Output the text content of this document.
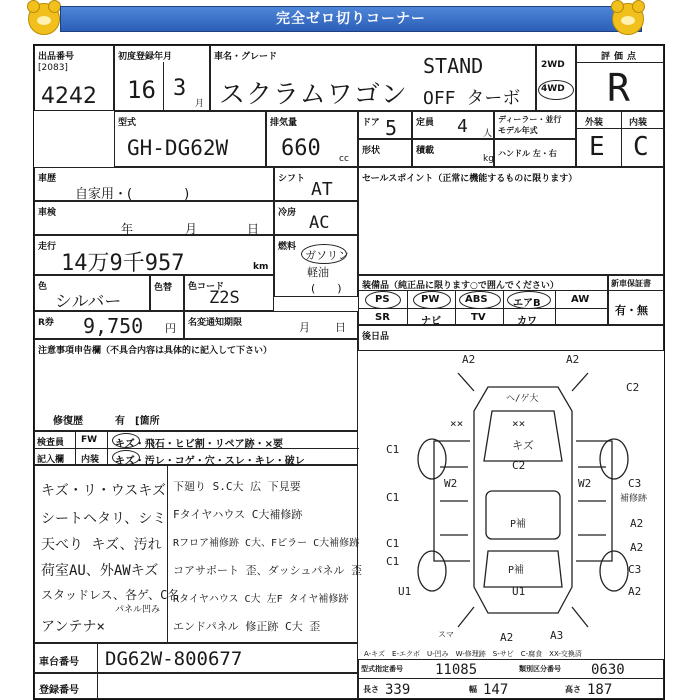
完全ゼロ切りコーナー
出品番号
[2083]
4242
初度登録年月
16 3
月
車名・グレード
スクラムワゴン
STAND
OFF ターボ
2WD
4WD
評価点
R
型式
GH-DG62W
排気量
660 cc
ドア 5 定員 4 人
ディーラー・並行
モデル年式
形状	積載
kg
ハンドル 左・右
外装	内装
E C
車歴
自家用・(　　　　)
シフト AT
車検
年	月	日
冷房 AC
走行
14万9千957	km
燃料
ガソリン
軽油
(　　)
色
シルバー
色替 色コード
Z2S
R券 9,750 円 名変通知期限	月 日
注意事項申告欄（不具合内容は具体的に記入して下さい）
修復歴	有 [箇所
セールスポイント（正常に機能するものに限ります）
装備品（純正品に限ります○で囲んでください）
PS	PW	ABS	エアB	AW
SR	ナビ	TV	カワ
新車保証書
有・無
後日品
検査員
記入欄
FW
内装
キズ・飛石・ヒビ割・リペア跡・×要
キズ・汚レ・コゲ・穴・スレ・キレ・破レ
キズ・リ・ウスキズ
シートヘタリ、シミ
天べり キズ、汚れ
荷室AU、外AWキズ
スタッドレス、各ゲ、C名
パネル凹み
アンテナ×
下廻り S.C大 広 下見要
Fタイヤハウス C大補修跡
Rフロア補修跡 C大、Fピラー C大補修跡
コアサポート 歪、ダッシュパネル 歪
Rタイヤハウス C大 左F タイヤ補修跡
エンドパネル 修正跡 C大 歪
A2	A2
C2
ヘ/ゲ大
××
××
C1	キズ
C2
W2	W2	C3
補修跡
C1
P補	A2
C1	A2
C1
P補
U1
C3
U1	A2
A3
A2
スマ
車台番号 DG62W-800677
登録番号
A-キズ　E-エクボ　U-凹み　W-修理跡　S-サビ　C-腐食　XX-交換済
型式指定番号 11085	類別区分番号 0630
長さ 339	幅 147	高さ 187
